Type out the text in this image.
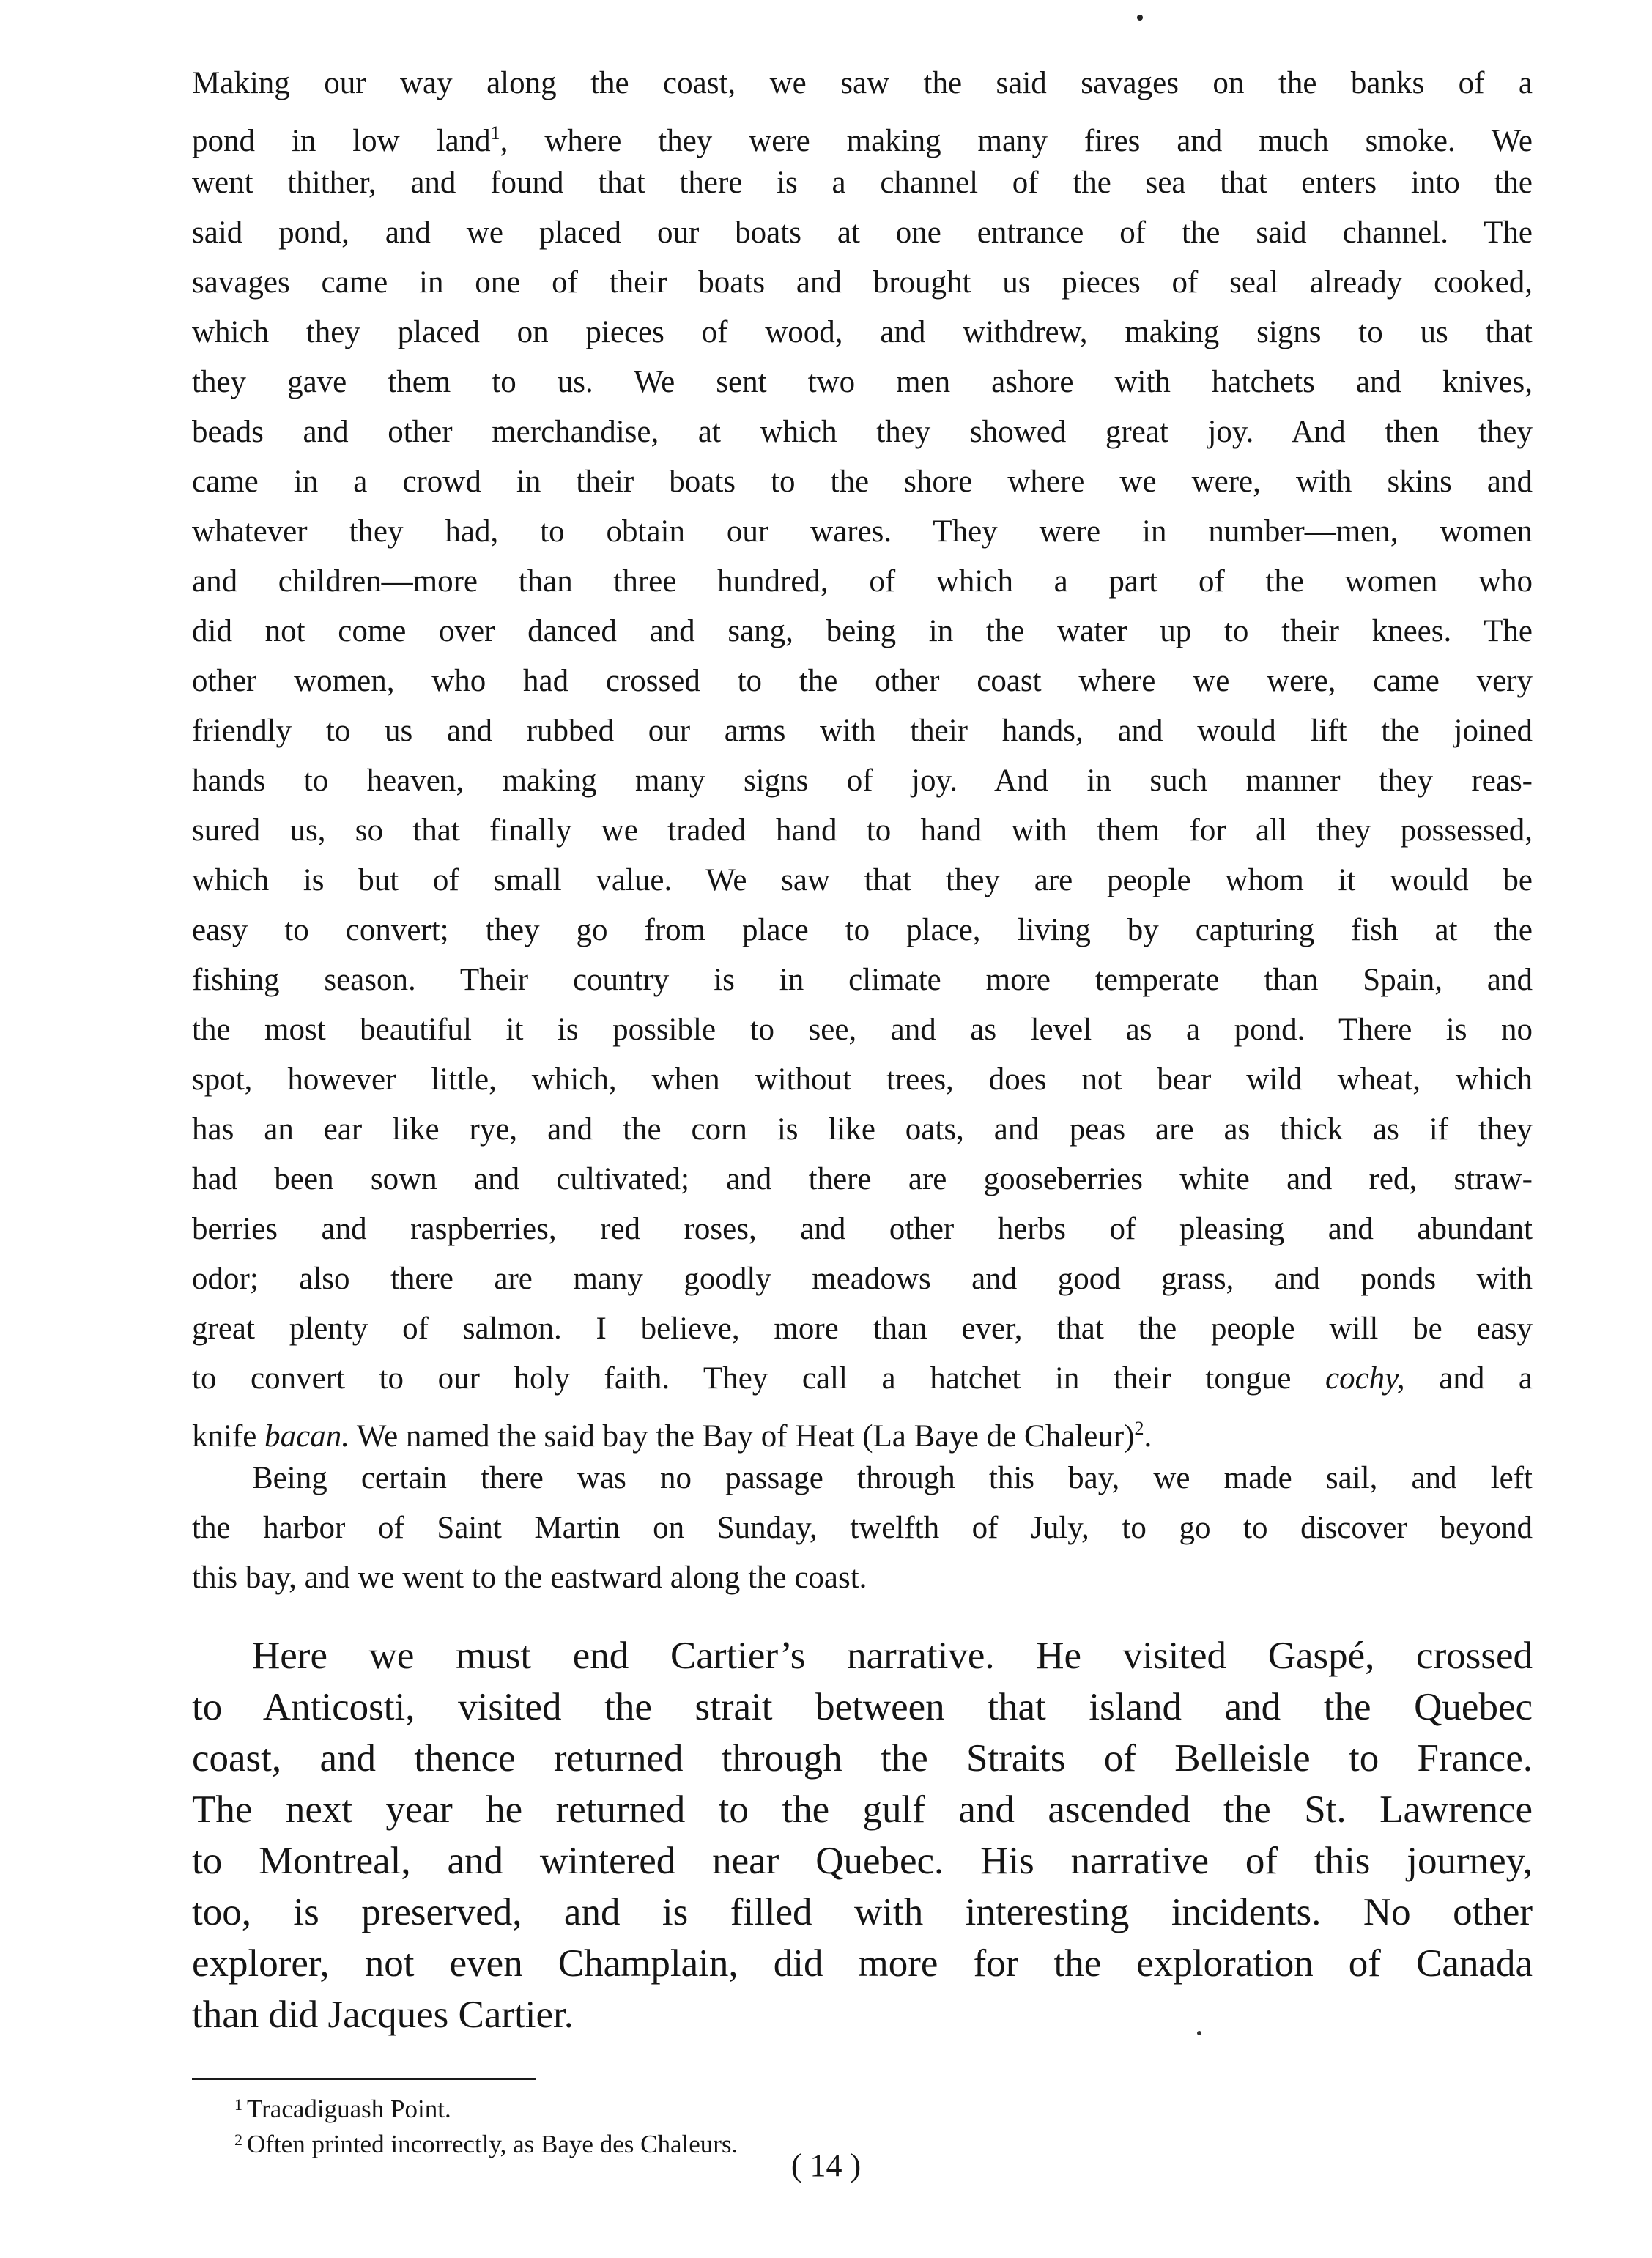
Making our way along the coast, we saw the said savages on the banks of a
pond in low land$^1$, where they were making many fires and much smoke. We
went thither, and found that there is a channel of the sea that enters into the
said pond, and we placed our boats at one entrance of the said channel. The
savages came in one of their boats and brought us pieces of seal already cooked,
which they placed on pieces of wood, and withdrew, making signs to us that
they gave them to us. We sent two men ashore with hatchets and knives,
beads and other merchandise, at which they showed great joy. And then they
came in a crowd in their boats to the shore where we were, with skins and
whatever they had, to obtain our wares. They were in number—men, women
and children—more than three hundred, of which a part of the women who
did not come over danced and sang, being in the water up to their knees. The
other women, who had crossed to the other coast where we were, came very
friendly to us and rubbed our arms with their hands, and would lift the joined
hands to heaven, making many signs of joy. And in such manner they reas-
sured us, so that finally we traded hand to hand with them for all they possessed,
which is but of small value. We saw that they are people whom it would be
easy to convert; they go from place to place, living by capturing fish at the
fishing season. Their country is in climate more temperate than Spain, and
the most beautiful it is possible to see, and as level as a pond. There is no
spot, however little, which, when without trees, does not bear wild wheat, which
has an ear like rye, and the corn is like oats, and peas are as thick as if they
had been sown and cultivated; and there are gooseberries white and red, straw-
berries and raspberries, red roses, and other herbs of pleasing and abundant
odor; also there are many goodly meadows and good grass, and ponds with
great plenty of salmon. I believe, more than ever, that the people will be easy
to convert to our holy faith. They call a hatchet in their tongue cochy, and a
knife bacan. We named the said bay the Bay of Heat (La Baye de Chaleur)$^2$.
Being certain there was no passage through this bay, we made sail, and left
the harbor of Saint Martin on Sunday, twelfth of July, to go to discover beyond
this bay, and we went to the eastward along the coast.
Here we must end Cartier’s narrative. He visited Gaspé, crossed
to Anticosti, visited the strait between that island and the Quebec
coast, and thence returned through the Straits of Belleisle to France.
The next year he returned to the gulf and ascended the St. Lawrence
to Montreal, and wintered near Quebec. His narrative of this journey,
too, is preserved, and is filled with interesting incidents. No other
explorer, not even Champlain, did more for the exploration of Canada
than did Jacques Cartier.
$^1$ Tracadiguash Point.
$^2$ Often printed incorrectly, as Baye des Chaleurs.
( 14 )
